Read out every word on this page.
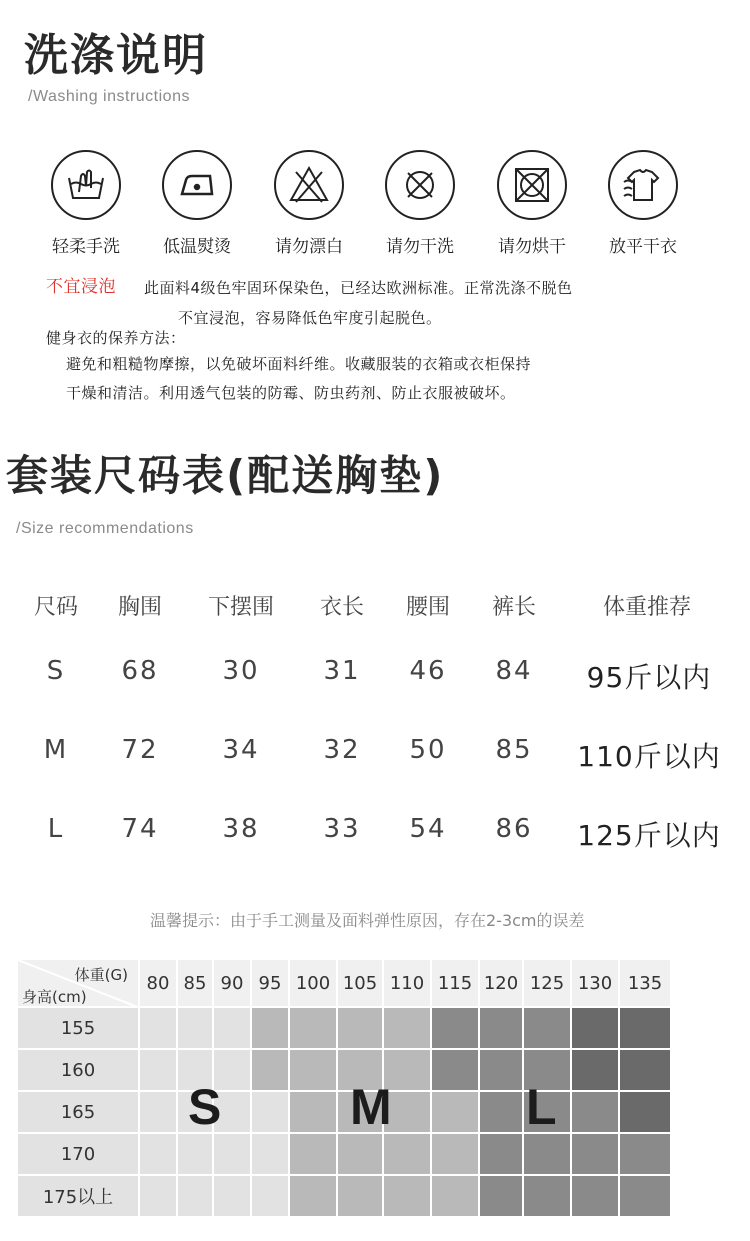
洗涤说明
/Washing instructions
轻柔手洗	低温熨烫	请勿漂白	请勿干洗	请勿烘干	放平干衣
不宜浸泡 此面料4级色牢固环保染色，已经达欧洲标准。正常洗涤不脱色
不宜浸泡，容易降低色牢度引起脱色。
健身衣的保养方法：
避免和粗糙物摩擦，以免破坏面料纤维。收藏服装的衣箱或衣柜保持
干燥和清洁。利用透气包装的防霉、防虫药剂、防止衣服被破坏。
套装尺码表(配送胸垫)
/Size recommendations
尺码	胸围	下摆围	衣长	腰围	裤长	体重推荐
S	68	30	31	46	84	95斤以内
M	72	34	32	50	85	110斤以内
L	74	38	33	54	86	125斤以内
温馨提示：由于手工测量及面料弹性原因，存在2-3cm的误差
体重(G)
身高(cm)
80 85 90 95 100 105 110 115 120 125 130 135
155
160
165
170
175以上
S	M	L
